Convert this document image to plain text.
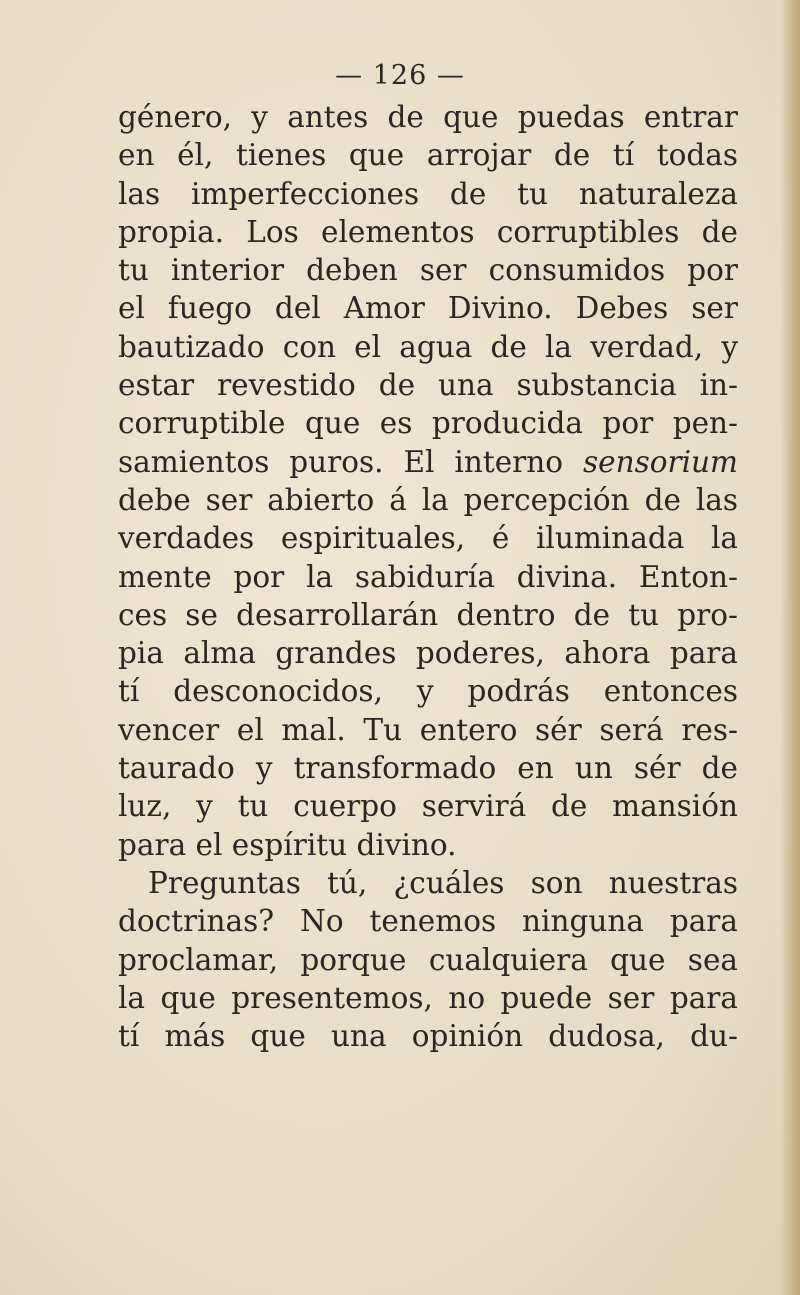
— 126 —
género, y antes de que puedas entrar
en él, tienes que arrojar de tí todas
las imperfecciones de tu naturaleza
propia. Los elementos corruptibles de
tu interior deben ser consumidos por
el fuego del Amor Divino. Debes ser
bautizado con el agua de la verdad, y
estar revestido de una substancia in-
corruptible que es producida por pen-
samientos puros. El interno sensorium
debe ser abierto á la percepción de las
verdades espirituales, é iluminada la
mente por la sabiduría divina. Enton-
ces se desarrollarán dentro de tu pro-
pia alma grandes poderes, ahora para
tí desconocidos, y podrás entonces
vencer el mal. Tu entero sér será res-
taurado y transformado en un sér de
luz, y tu cuerpo servirá de mansión
para el espíritu divino.
Preguntas tú, ¿cuáles son nuestras
doctrinas? No tenemos ninguna para
proclamar, porque cualquiera que sea
la que presentemos, no puede ser para
tí más que una opinión dudosa, du-
